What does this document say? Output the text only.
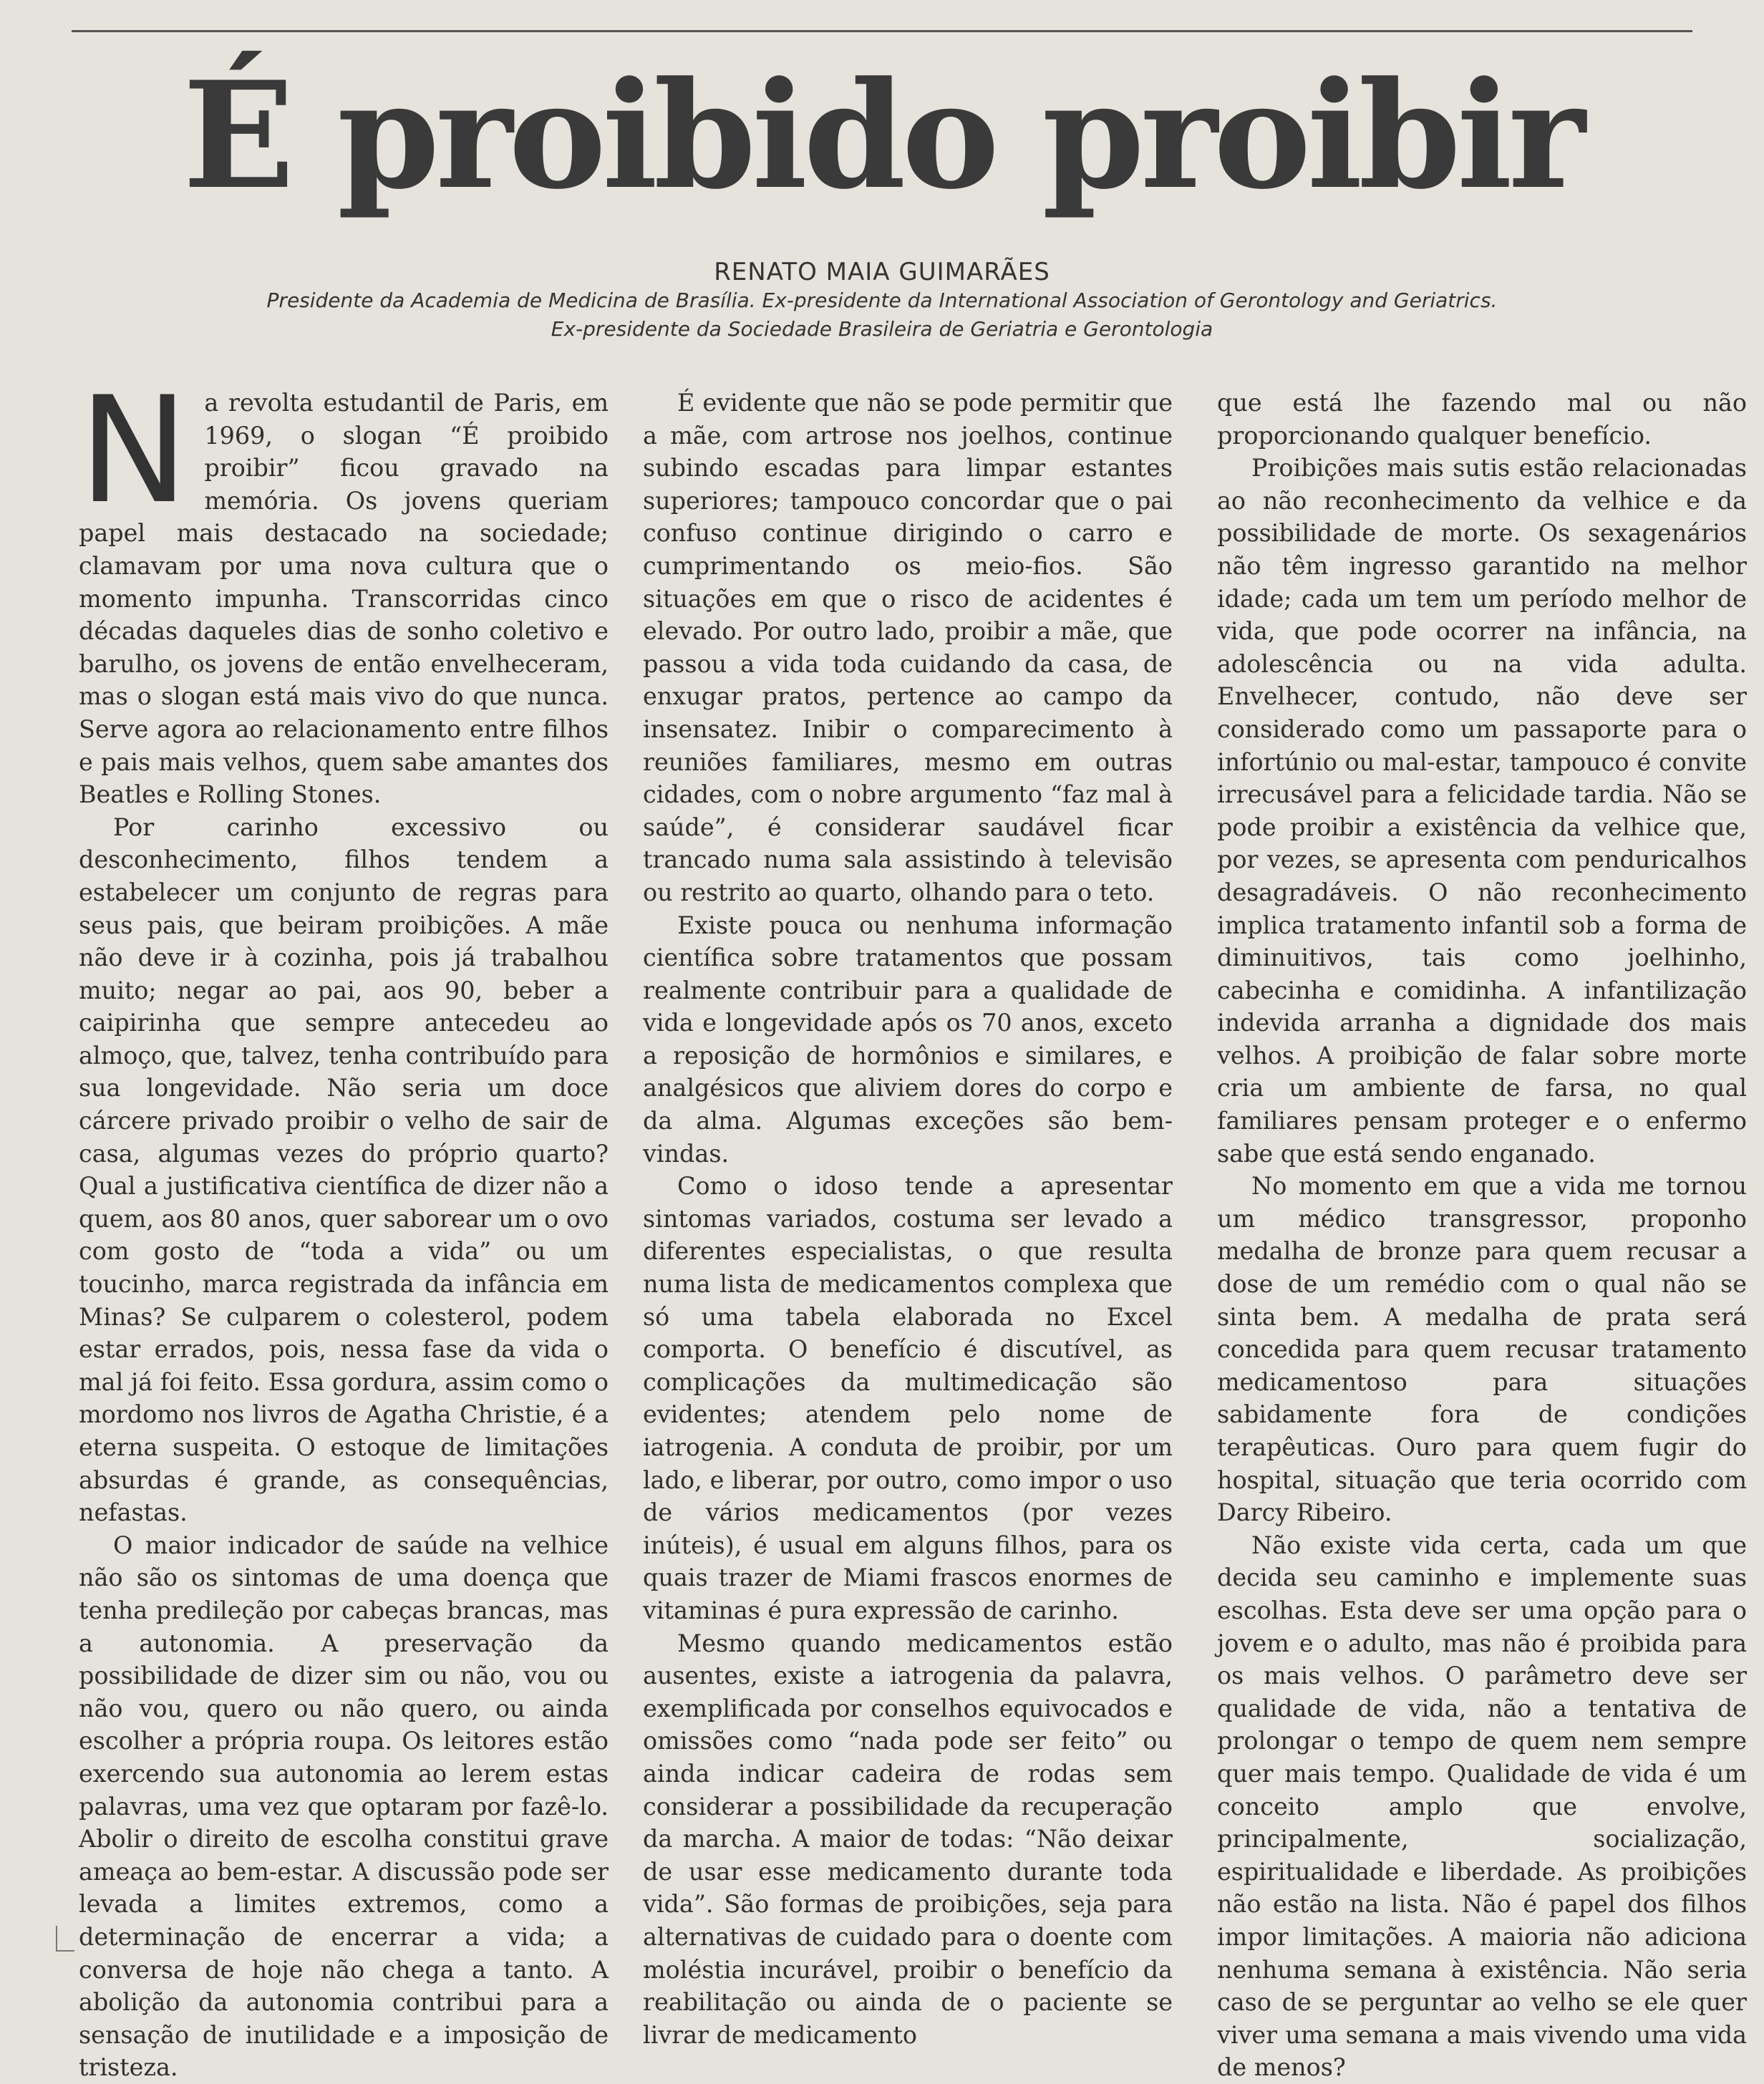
É proibido proibir
RENATO MAIA GUIMARÃES
Presidente da Academia de Medicina de Brasília. Ex-presidente da International Association of Gerontology and Geriatrics.
Ex-presidente da Sociedade Brasileira de Geriatria e Gerontologia

Na revolta estudantil de Paris, em 1969, o slogan “É proibido proibir” ficou gravado na memória. Os jovens queriam papel mais destacado na sociedade; clamavam por uma nova cultura que o momento impunha. Transcorridas cinco décadas daqueles dias de sonho coletivo e barulho, os jovens de então envelheceram, mas o slogan está mais vivo do que nunca. Serve agora ao relacionamento entre filhos e pais mais velhos, quem sabe amantes dos Beatles e Rolling Stones.

Por carinho excessivo ou desconhecimento, filhos tendem a estabelecer um conjunto de regras para seus pais, que beiram proibições. A mãe não deve ir à cozinha, pois já trabalhou muito; negar ao pai, aos 90, beber a caipirinha que sempre antecedeu ao almoço, que, talvez, tenha contribuído para sua longevidade. Não seria um doce cárcere privado proibir o velho de sair de casa, algumas vezes do próprio quarto? Qual a justificativa científica de dizer não a quem, aos 80 anos, quer saborear um o ovo com gosto de “toda a vida” ou um toucinho, marca registrada da infância em Minas? Se culparem o colesterol, podem estar errados, pois, nessa fase da vida o mal já foi feito. Essa gordura, assim como o mordomo nos livros de Agatha Christie, é a eterna suspeita. O estoque de limitações absurdas é grande, as consequências, nefastas.

O maior indicador de saúde na velhice não são os sintomas de uma doença que tenha predileção por cabeças brancas, mas a autonomia. A preservação da possibilidade de dizer sim ou não, vou ou não vou, quero ou não quero, ou ainda escolher a própria roupa. Os leitores estão exercendo sua autonomia ao lerem estas palavras, uma vez que optaram por fazê-lo. Abolir o direito de escolha constitui grave ameaça ao bem-estar. A discussão pode ser levada a limites extremos, como a determinação de encerrar a vida; a conversa de hoje não chega a tanto. A abolição da autonomia contribui para a sensação de inutilidade e a imposição de tristeza.

É evidente que não se pode permitir que a mãe, com artrose nos joelhos, continue subindo escadas para limpar estantes superiores; tampouco concordar que o pai confuso continue dirigindo o carro e cumprimentando os meio-fios. São situações em que o risco de acidentes é elevado. Por outro lado, proibir a mãe, que passou a vida toda cuidando da casa, de enxugar pratos, pertence ao campo da insensatez. Inibir o comparecimento à reuniões familiares, mesmo em outras cidades, com o nobre argumento “faz mal à saúde”, é considerar saudável ficar trancado numa sala assistindo à televisão ou restrito ao quarto, olhando para o teto.

Existe pouca ou nenhuma informação científica sobre tratamentos que possam realmente contribuir para a qualidade de vida e longevidade após os 70 anos, exceto a reposição de hormônios e similares, e analgésicos que aliviem dores do corpo e da alma. Algumas exceções são bem-vindas.

Como o idoso tende a apresentar sintomas variados, costuma ser levado a diferentes especialistas, o que resulta numa lista de medicamentos complexa que só uma tabela elaborada no Excel comporta. O benefício é discutível, as complicações da multimedicação são evidentes; atendem pelo nome de iatrogenia. A conduta de proibir, por um lado, e liberar, por outro, como impor o uso de vários medicamentos (por vezes inúteis), é usual em alguns filhos, para os quais trazer de Miami frascos enormes de vitaminas é pura expressão de carinho.

Mesmo quando medicamentos estão ausentes, existe a iatrogenia da palavra, exemplificada por conselhos equivocados e omissões como “nada pode ser feito” ou ainda indicar cadeira de rodas sem considerar a possibilidade da recuperação da marcha. A maior de todas: “Não deixar de usar esse medicamento durante toda vida”. São formas de proibições, seja para alternativas de cuidado para o doente com moléstia incurável, proibir o benefício da reabilitação ou ainda de o paciente se livrar de medicamento

que está lhe fazendo mal ou não proporcionando qualquer benefício.

Proibições mais sutis estão relacionadas ao não reconhecimento da velhice e da possibilidade de morte. Os sexagenários não têm ingresso garantido na melhor idade; cada um tem um período melhor de vida, que pode ocorrer na infância, na adolescência ou na vida adulta. Envelhecer, contudo, não deve ser considerado como um passaporte para o infortúnio ou mal-estar, tampouco é convite irrecusável para a felicidade tardia. Não se pode proibir a existência da velhice que, por vezes, se apresenta com penduricalhos desagradáveis. O não reconhecimento implica tratamento infantil sob a forma de diminuitivos, tais como joelhinho, cabecinha e comidinha. A infantilização indevida arranha a dignidade dos mais velhos. A proibição de falar sobre morte cria um ambiente de farsa, no qual familiares pensam proteger e o enfermo sabe que está sendo enganado.

No momento em que a vida me tornou um médico transgressor, proponho medalha de bronze para quem recusar a dose de um remédio com o qual não se sinta bem. A medalha de prata será concedida para quem recusar tratamento medicamentoso para situações sabidamente fora de condições terapêuticas. Ouro para quem fugir do hospital, situação que teria ocorrido com Darcy Ribeiro.

Não existe vida certa, cada um que decida seu caminho e implemente suas escolhas. Esta deve ser uma opção para o jovem e o adulto, mas não é proibida para os mais velhos. O parâmetro deve ser qualidade de vida, não a tentativa de prolongar o tempo de quem nem sempre quer mais tempo. Qualidade de vida é um conceito amplo que envolve, principalmente, socialização, espiritualidade e liberdade. As proibições não estão na lista. Não é papel dos filhos impor limitações. A maioria não adiciona nenhuma semana à existência. Não seria caso de se perguntar ao velho se ele quer viver uma semana a mais vivendo uma vida de menos?
